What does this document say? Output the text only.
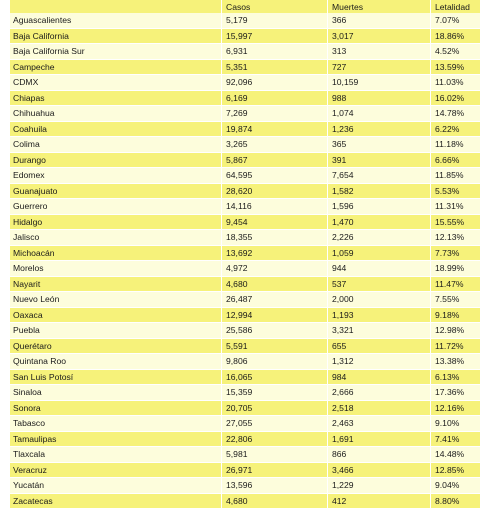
	Casos	Muertes	Letalidad
Aguascalientes	5,179	366	7.07%
Baja California	15,997	3,017	18.86%
Baja California Sur	6,931	313	4.52%
Campeche	5,351	727	13.59%
CDMX	92,096	10,159	11.03%
Chiapas	6,169	988	16.02%
Chihuahua	7,269	1,074	14.78%
Coahuila	19,874	1,236	6.22%
Colima	3,265	365	11.18%
Durango	5,867	391	6.66%
Edomex	64,595	7,654	11.85%
Guanajuato	28,620	1,582	5.53%
Guerrero	14,116	1,596	11.31%
Hidalgo	9,454	1,470	15.55%
Jalisco	18,355	2,226	12.13%
Michoacán	13,692	1,059	7.73%
Morelos	4,972	944	18.99%
Nayarit	4,680	537	11.47%
Nuevo León	26,487	2,000	7.55%
Oaxaca	12,994	1,193	9.18%
Puebla	25,586	3,321	12.98%
Querétaro	5,591	655	11.72%
Quintana Roo	9,806	1,312	13.38%
San Luis Potosí	16,065	984	6.13%
Sinaloa	15,359	2,666	17.36%
Sonora	20,705	2,518	12.16%
Tabasco	27,055	2,463	9.10%
Tamaulipas	22,806	1,691	7.41%
Tlaxcala	5,981	866	14.48%
Veracruz	26,971	3,466	12.85%
Yucatán	13,596	1,229	9.04%
Zacatecas	4,680	412	8.80%
